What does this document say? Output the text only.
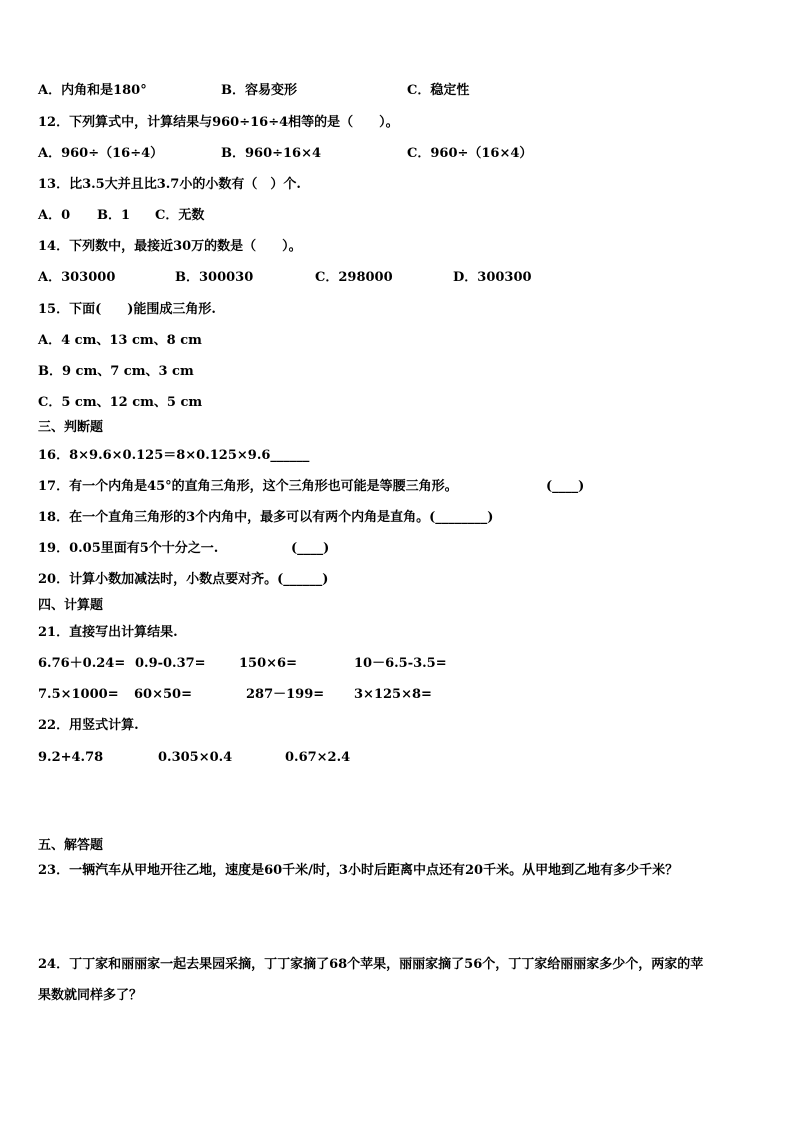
A．内角和是180°	B．容易变形	C．稳定性
12．下列算式中，计算结果与960÷16÷4相等的是（　　）。
A．960÷（16÷4）	B．960÷16×4	C．960÷（16×4）
13．比3.5大并且比3.7小的小数有（　）个.
A．0 B．1 C．无数
14．下列数中，最接近30万的数是（　　）。
A．303000	B．300030	C．298000	D．300300
15．下面(　　)能围成三角形.
A．4 cm、13 cm、8 cm
B．9 cm、7 cm、3 cm
C．5 cm、12 cm、5 cm
三、判断题
16．8×9.6×0.125＝8×0.125×9.6______
17．有一个内角是45°的直角三角形，这个三角形也可能是等腰三角形。	(____)
18．在一个直角三角形的3个内角中，最多可以有两个内角是直角。(________)
19．0.05里面有5个十分之一.	(____)
20．计算小数加减法时，小数点要对齐。(______)
四、计算题
21．直接写出计算结果.
6.76＋0.24= 0.9-0.37=	150×6=	10－6.5-3.5=
7.5×1000= 60×50=	287－199= 3×125×8=
22．用竖式计算.
9.2+4.78	0.305×0.4	0.67×2.4
五、解答题
23．一辆汽车从甲地开往乙地，速度是60千米/时，3小时后距离中点还有20千米。从甲地到乙地有多少千米？
24．丁丁家和丽丽家一起去果园采摘，丁丁家摘了68个苹果，丽丽家摘了56个，丁丁家给丽丽家多少个，两家的苹
果数就同样多了？
